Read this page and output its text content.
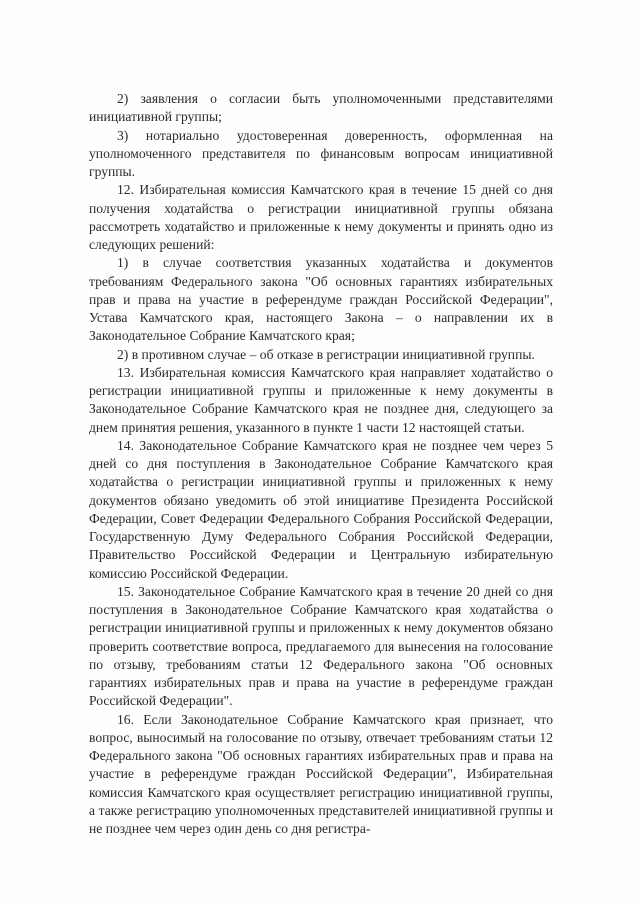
2) заявления о согласии быть уполномоченными представителями инициативной группы;

3) нотариально удостоверенная доверенность, оформленная на уполномоченного представителя по финансовым вопросам инициативной группы.

12. Избирательная комиссия Камчатского края в течение 15 дней со дня получения ходатайства о регистрации инициативной группы обязана рассмотреть ходатайство и приложенные к нему документы и принять одно из следующих решений:

1) в случае соответствия указанных ходатайства и документов требованиям Федерального закона "Об основных гарантиях избирательных прав и права на участие в референдуме граждан Российской Федерации", Устава Камчатского края, настоящего Закона – о направлении их в Законодательное Собрание Камчатского края;

2) в противном случае – об отказе в регистрации инициативной группы.

13. Избирательная комиссия Камчатского края направляет ходатайство о регистрации инициативной группы и приложенные к нему документы в Законодательное Собрание Камчатского края не позднее дня, следующего за днем принятия решения, указанного в пункте 1 части 12 настоящей статьи.

14. Законодательное Собрание Камчатского края не позднее чем через 5 дней со дня поступления в Законодательное Собрание Камчатского края ходатайства о регистрации инициативной группы и приложенных к нему документов обязано уведомить об этой инициативе Президента Российской Федерации, Совет Федерации Федерального Собрания Российской Федерации, Государственную Думу Федерального Собрания Российской Федерации, Правительство Российской Федерации и Центральную избирательную комиссию Российской Федерации.

15. Законодательное Собрание Камчатского края в течение 20 дней со дня поступления в Законодательное Собрание Камчатского края ходатайства о регистрации инициативной группы и приложенных к нему документов обязано проверить соответствие вопроса, предлагаемого для вынесения на голосование по отзыву, требованиям статьи 12 Федерального закона "Об основных гарантиях избирательных прав и права на участие в референдуме граждан Российской Федерации".

16. Если Законодательное Собрание Камчатского края признает, что вопрос, выносимый на голосование по отзыву, отвечает требованиям статьи 12 Федерального закона "Об основных гарантиях избирательных прав и права на участие в референдуме граждан Российской Федерации", Избирательная комиссия Камчатского края осуществляет регистрацию инициативной группы, а также регистрацию уполномоченных представителей инициативной группы и не позднее чем через один день со дня регистра-
